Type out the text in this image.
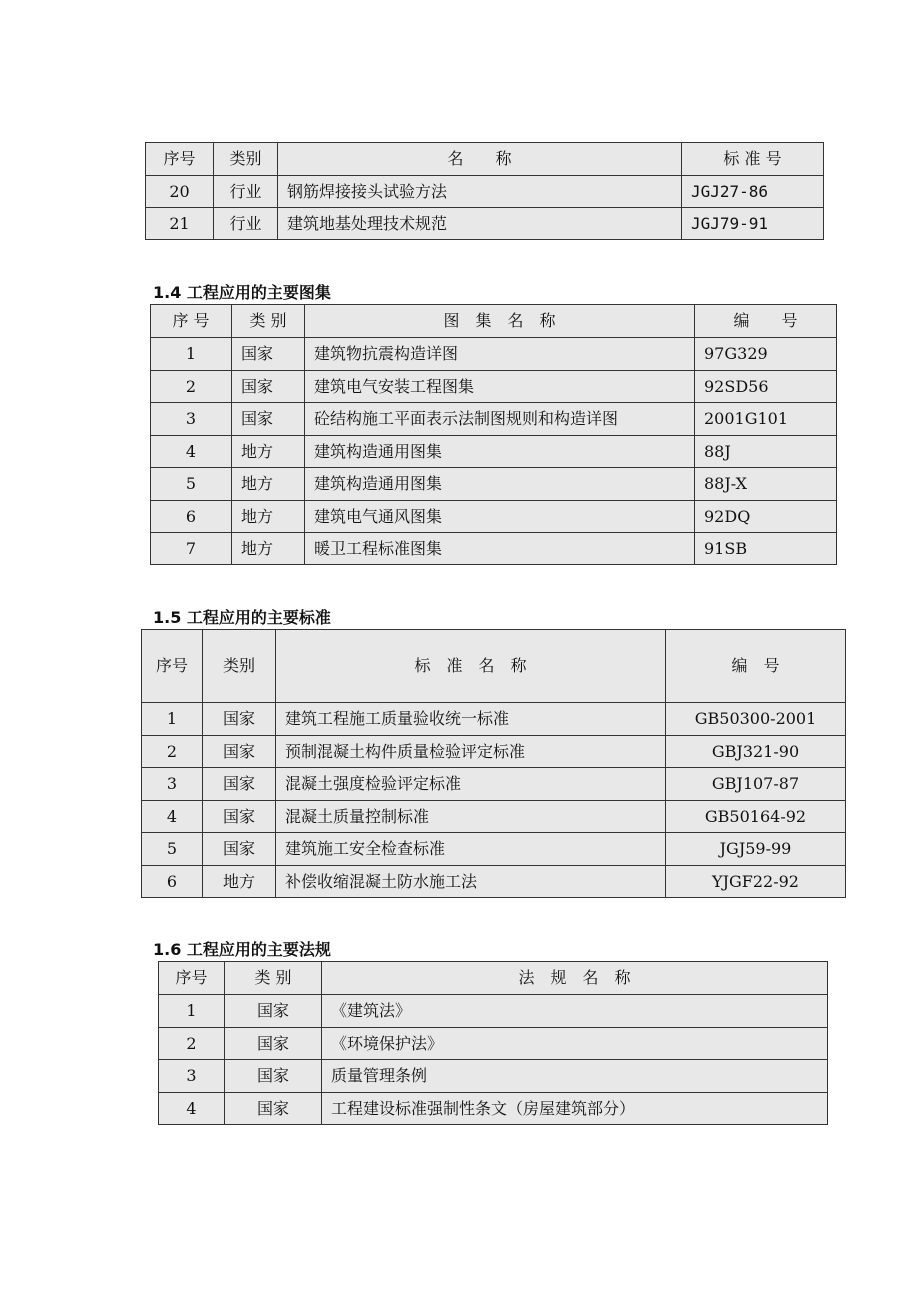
序号	类别	名　　称	标 准 号
20	行业	钢筋焊接接头试验方法	JGJ27-86
21	行业	建筑地基处理技术规范	JGJ79-91
1.4 工程应用的主要图集
序 号	类 别	图　集　名　称	编　　号
1	国家	建筑物抗震构造详图	97G329
2	国家	建筑电气安装工程图集	92SD56
3	国家	砼结构施工平面表示法制图规则和构造详图	2001G101
4	地方	建筑构造通用图集	88J
5	地方	建筑构造通用图集	88J-X
6	地方	建筑电气通风图集	92DQ
7	地方	暖卫工程标准图集	91SB
1.5 工程应用的主要标准
序号	类别	标　准　名　称	编　号
1	国家	建筑工程施工质量验收统一标准	GB50300-2001
2	国家	预制混凝土构件质量检验评定标准	GBJ321-90
3	国家	混凝土强度检验评定标准	GBJ107-87
4	国家	混凝土质量控制标准	GB50164-92
5	国家	建筑施工安全检查标准	JGJ59-99
6	地方	补偿收缩混凝土防水施工法	YJGF22-92
1.6 工程应用的主要法规
序号	类 别	法　规　名　称
1	国家	《建筑法》
2	国家	《环境保护法》
3	国家	质量管理条例
4	国家	工程建设标准强制性条文（房屋建筑部分）
